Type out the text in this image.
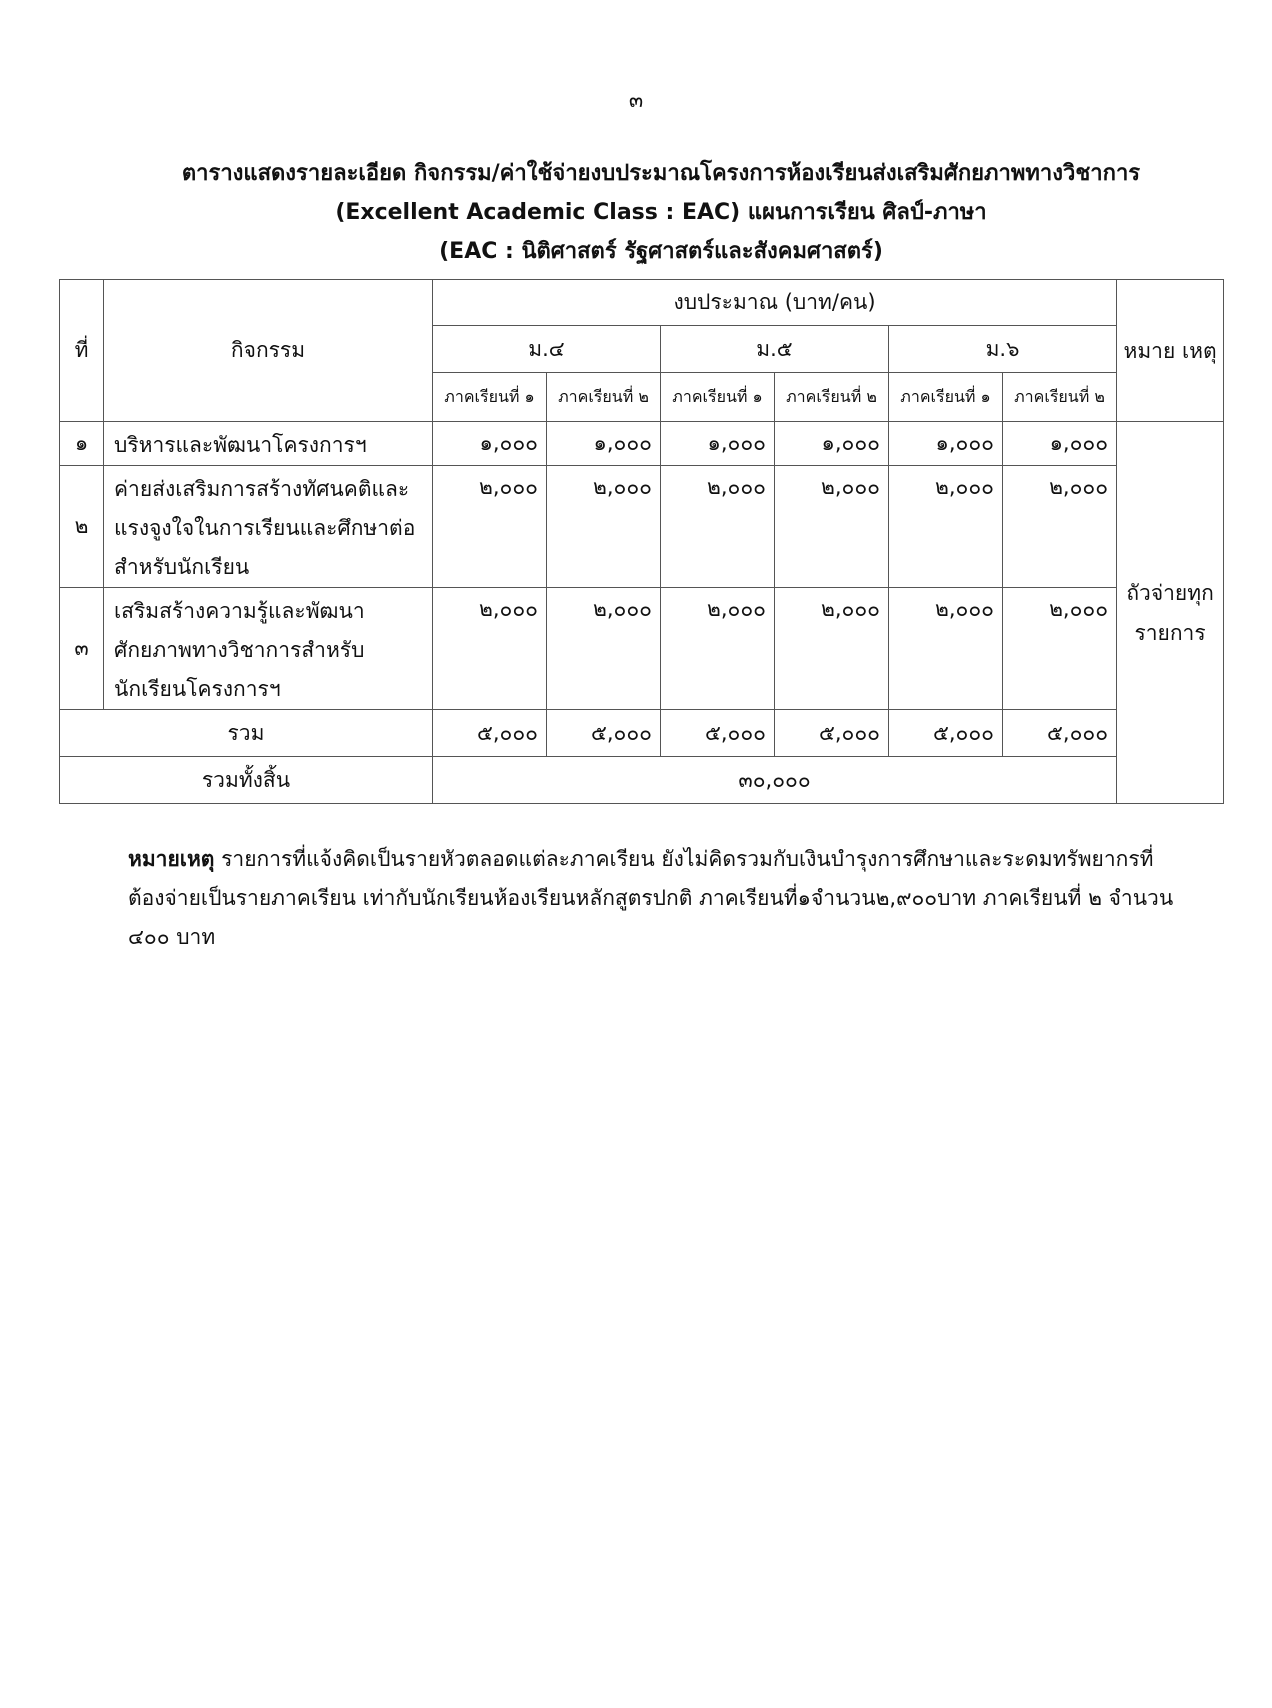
๓
ตารางแสดงรายละเอียด กิจกรรม/ค่าใช้จ่ายงบประมาณโครงการห้องเรียนส่งเสริมศักยภาพทางวิชาการ
(Excellent Academic Class : EAC) แผนการเรียน ศิลป์-ภาษา
(EAC : นิติศาสตร์ รัฐศาสตร์และสังคมศาสตร์)
ที่	กิจกรรม	งบประมาณ (บาท/คน)						หมาย เหตุ
		ม.๔		ม.๕		ม.๖		
		ภาคเรียนที่ ๑	ภาคเรียนที่ ๒	ภาคเรียนที่ ๑	ภาคเรียนที่ ๒	ภาคเรียนที่ ๑	ภาคเรียนที่ ๒	
๑	บริหารและพัฒนาโครงการฯ	๑,๐๐๐	๑,๐๐๐	๑,๐๐๐	๑,๐๐๐	๑,๐๐๐	๑,๐๐๐	ถัวจ่ายทุกรายการ
๒	ค่ายส่งเสริมการสร้างทัศนคติและแรงจูงใจในการเรียนและศึกษาต่อสำหรับนักเรียน	๒,๐๐๐	๒,๐๐๐	๒,๐๐๐	๒,๐๐๐	๒,๐๐๐	๒,๐๐๐	
๓	เสริมสร้างความรู้และพัฒนาศักยภาพทางวิชาการสำหรับนักเรียนโครงการฯ	๒,๐๐๐	๒,๐๐๐	๒,๐๐๐	๒,๐๐๐	๒,๐๐๐	๒,๐๐๐	
รวม		๕,๐๐๐	๕,๐๐๐	๕,๐๐๐	๕,๐๐๐	๕,๐๐๐	๕,๐๐๐	
รวมทั้งสิ้น		๓๐,๐๐๐						
หมายเหตุ รายการที่แจ้งคิดเป็นรายหัวตลอดแต่ละภาคเรียน ยังไม่คิดรวมกับเงินบำรุงการศึกษาและระดมทรัพยากรที่ต้องจ่ายเป็นรายภาคเรียน เท่ากับนักเรียนห้องเรียนหลักสูตรปกติ ภาคเรียนที่๑จำนวน๒,๙๐๐บาท ภาคเรียนที่ ๒ จำนวน ๔๐๐ บาท
